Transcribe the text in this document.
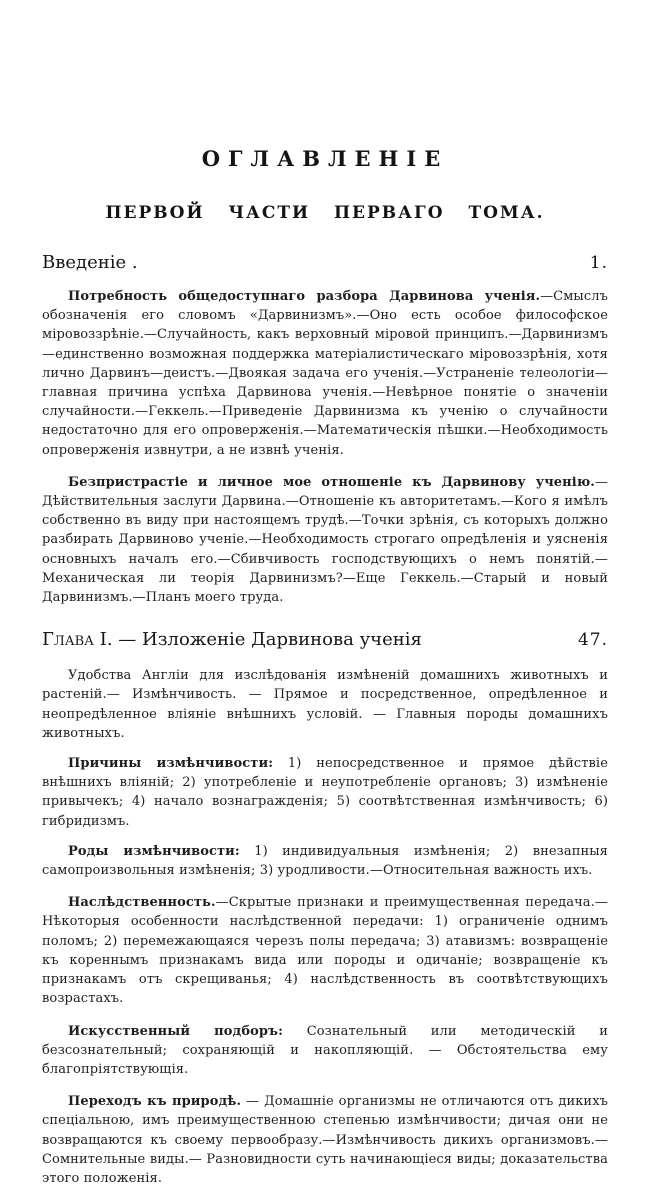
ОГЛАВЛЕНІЕ
ПЕРВОЙ ЧАСТИ ПЕРВАГО ТОМА.
Введеніе .	1.

Потребность общедоступнаго разбора Дарвинова ученія.—Смыслъ обозначенія его словомъ «Дарвинизмъ».—Оно есть особое философское міровоззрѣніе.—Случайность, какъ верховный міровой принципъ.—Дарвинизмъ—единственно возможная поддержка матеріалистическаго міровоззрѣнія, хотя лично Дарвинъ—деистъ.—Двоякая задача его ученія.—Устраненіе телеологіи—главная причина успѣха Дарвинова ученія.—Невѣрное понятіе о значеніи случайности.—Геккель.—Приведеніе Дарвинизма къ ученію о случайности недостаточно для его опроверженія.—Математическія пѣшки.—Необходимость опроверженія извнутри, а не извнѣ ученія.

Безпристрастіе и личное мое отношеніе къ Дарвинову ученію.—Дѣйствительныя заслуги Дарвина.—Отношеніе къ авторитетамъ.—Кого я имѣлъ собственно въ виду при настоящемъ трудѣ.—Точки зрѣнія, съ которыхъ должно разбирать Дарвиново ученіе.—Необходимость строгаго опредѣленія и уясненія основныхъ началъ его.—Сбивчивость господствующихъ о немъ понятій.—Механическая ли теорія Дарвинизмъ?—Еще Геккель.—Старый и новый Дарвинизмъ.—Планъ моего труда.

Глава I. — Изложеніе Дарвинова ученія	47.

Удобства Англіи для изслѣдованія измѣненій домашнихъ животныхъ и растеній.— Измѣнчивость. — Прямое и посредственное, опредѣленное и неопредѣленное вліяніе внѣшнихъ условій. — Главныя породы домашнихъ животныхъ.

Причины измѣнчивости: 1) непосредственное и прямое дѣйствіе внѣшнихъ вліяній; 2) употребленіе и неупотребленіе органовъ; 3) измѣненіе привычекъ; 4) начало вознагражденія; 5) соотвѣтственная измѣнчивость; 6) гибридизмъ.

Роды измѣнчивости: 1) индивидуальныя измѣненія; 2) внезапныя самопроизвольныя измѣненія; 3) уродливости.—Относительная важность ихъ.

Наслѣдственность.—Скрытые признаки и преимущественная передача.—Нѣкоторыя особенности наслѣдственной передачи: 1) ограниченіе однимъ поломъ; 2) перемежающаяся черезъ полы передача; 3) атавизмъ: возвращеніе къ кореннымъ признакамъ вида или породы и одичаніе; возвращеніе къ признакамъ отъ скрещиванья; 4) наслѣдственность въ соотвѣтствующихъ возрастахъ.

Искусственный подборъ: Сознательный или методическій и безсознательный; сохраняющій и накопляющій. — Обстоятельства ему благопріятствующія.

Переходъ къ природѣ. — Домашніе организмы не отличаются отъ дикихъ спеціальною, имъ преимущественною степенью измѣнчивости; дичая они не возвращаются къ своему первообразу.—Измѣнчивость дикихъ организмовъ.—Сомнительные виды.— Разновидности суть начинающіеся виды; доказательства этого положенія.
